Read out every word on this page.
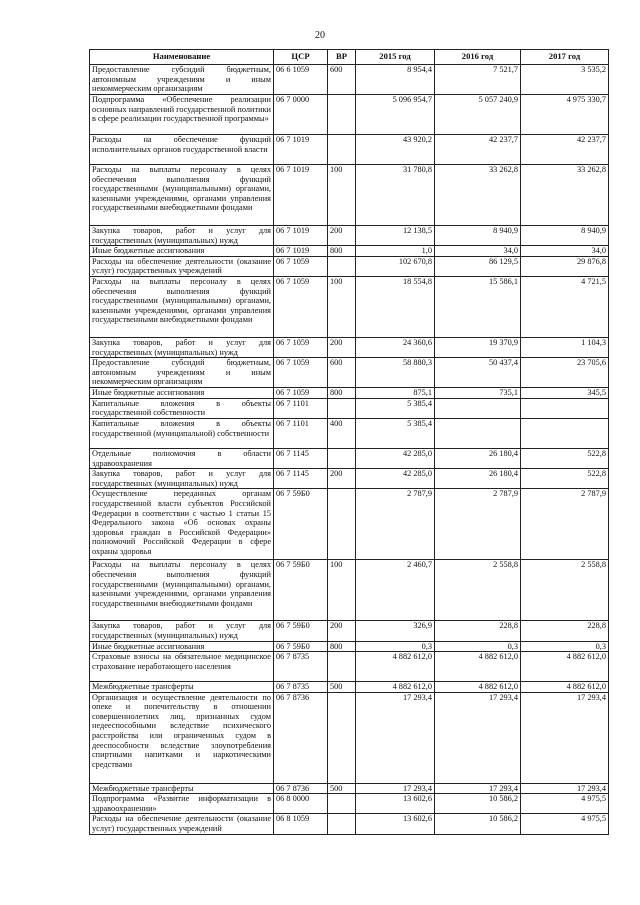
20
Наименование	ЦСР	ВР	2015 год	2016 год	2017 год
Предоставление субсидий бюджетным, автономным учреждениям и иным некоммерческим организациям	06 6 1059	600	8 954,4	7 521,7	3 535,2
Подпрограмма «Обеспечение реализации основных направлений государственной политики в сфере реализации государственной программы»	06 7 0000		5 096 954,7	5 057 240,9	4 975 330,7
Расходы на обеспечение функций исполнительных органов государственной власти	06 7 1019		43 920,2	42 237,7	42 237,7
Расходы на выплаты персоналу в целях обеспечения выполнения функций государственными (муниципальными) органами, казенными учреждениями, органами управления государственными внебюджетными фондами	06 7 1019	100	31 780,8	33 262,8	33 262,8
Закупка товаров, работ и услуг для государственных (муниципальных) нужд	06 7 1019	200	12 138,5	8 940,9	8 940,9
Иные бюджетные ассигнования	06 7 1019	800	1,0	34,0	34,0
Расходы на обеспечение деятельности (оказание услуг) государственных учреждений	06 7 1059		102 670,8	86 129,5	29 876,8
Расходы на выплаты персоналу в целях обеспечения выполнения функций государственными (муниципальными) органами, казенными учреждениями, органами управления государственными внебюджетными фондами	06 7 1059	100	18 554,8	15 586,1	4 721,5
Закупка товаров, работ и услуг для государственных (муниципальных) нужд	06 7 1059	200	24 360,6	19 370,9	1 104,3
Предоставление субсидий бюджетным, автономным учреждениям и иным некоммерческим организациям	06 7 1059	600	58 880,3	50 437,4	23 705,6
Иные бюджетные ассигнования	06 7 1059	800	875,1	735,1	345,5
Капитальные вложения в объекты государственной собственности	06 7 1101		5 385,4		
Капитальные вложения в объекты государственной (муниципальной) собственности	06 7 1101	400	5 385,4		
Отдельные полномочия в области здравоохранения	06 7 1145		42 285,0	26 180,4	522,8
Закупка товаров, работ и услуг для государственных (муниципальных) нужд	06 7 1145	200	42 285,0	26 180,4	522,8
Осуществление переданных органам государственной власти субъектов Российской Федерации в соответствии с частью 1 статьи 15 Федерального закона «Об основах охраны здоровья граждан в Российской Федерации» полномочий Российской Федерации в сфере охраны здоровья	06 7 59Б0		2 787,9	2 787,9	2 787,9
Расходы на выплаты персоналу в целях обеспечения выполнения функций государственными (муниципальными) органами, казенными учреждениями, органами управления государственными внебюджетными фондами	06 7 59Б0	100	2 460,7	2 558,8	2 558,8
Закупка товаров, работ и услуг для государственных (муниципальных) нужд	06 7 59Б0	200	326,9	228,8	228,8
Иные бюджетные ассигнования	06 7 59Б0	800	0,3	0,3	0,3
Страховые взносы на обязательное медицинское страхование неработающего населения	06 7 8735		4 882 612,0	4 882 612,0	4 882 612,0
Межбюджетные трансферты	06 7 8735	500	4 882 612,0	4 882 612,0	4 882 612,0
Организация и осуществление деятельности по опеке и попечительству в отношении совершеннолетних лиц, признанных судом недееспособными вследствие психического расстройства или ограниченных судом в дееспособности вследствие злоупотребления спиртными напитками и наркотическими средствами	06 7 8736		17 293,4	17 293,4	17 293,4
Межбюджетные трансферты	06 7 8736	500	17 293,4	17 293,4	17 293,4
Подпрограмма «Развитие информатизации в здравоохранении»	06 8 0000		13 602,6	10 586,2	4 975,5
Расходы на обеспечение деятельности (оказание услуг) государственных учреждений	06 8 1059		13 602,6	10 586,2	4 975,5
